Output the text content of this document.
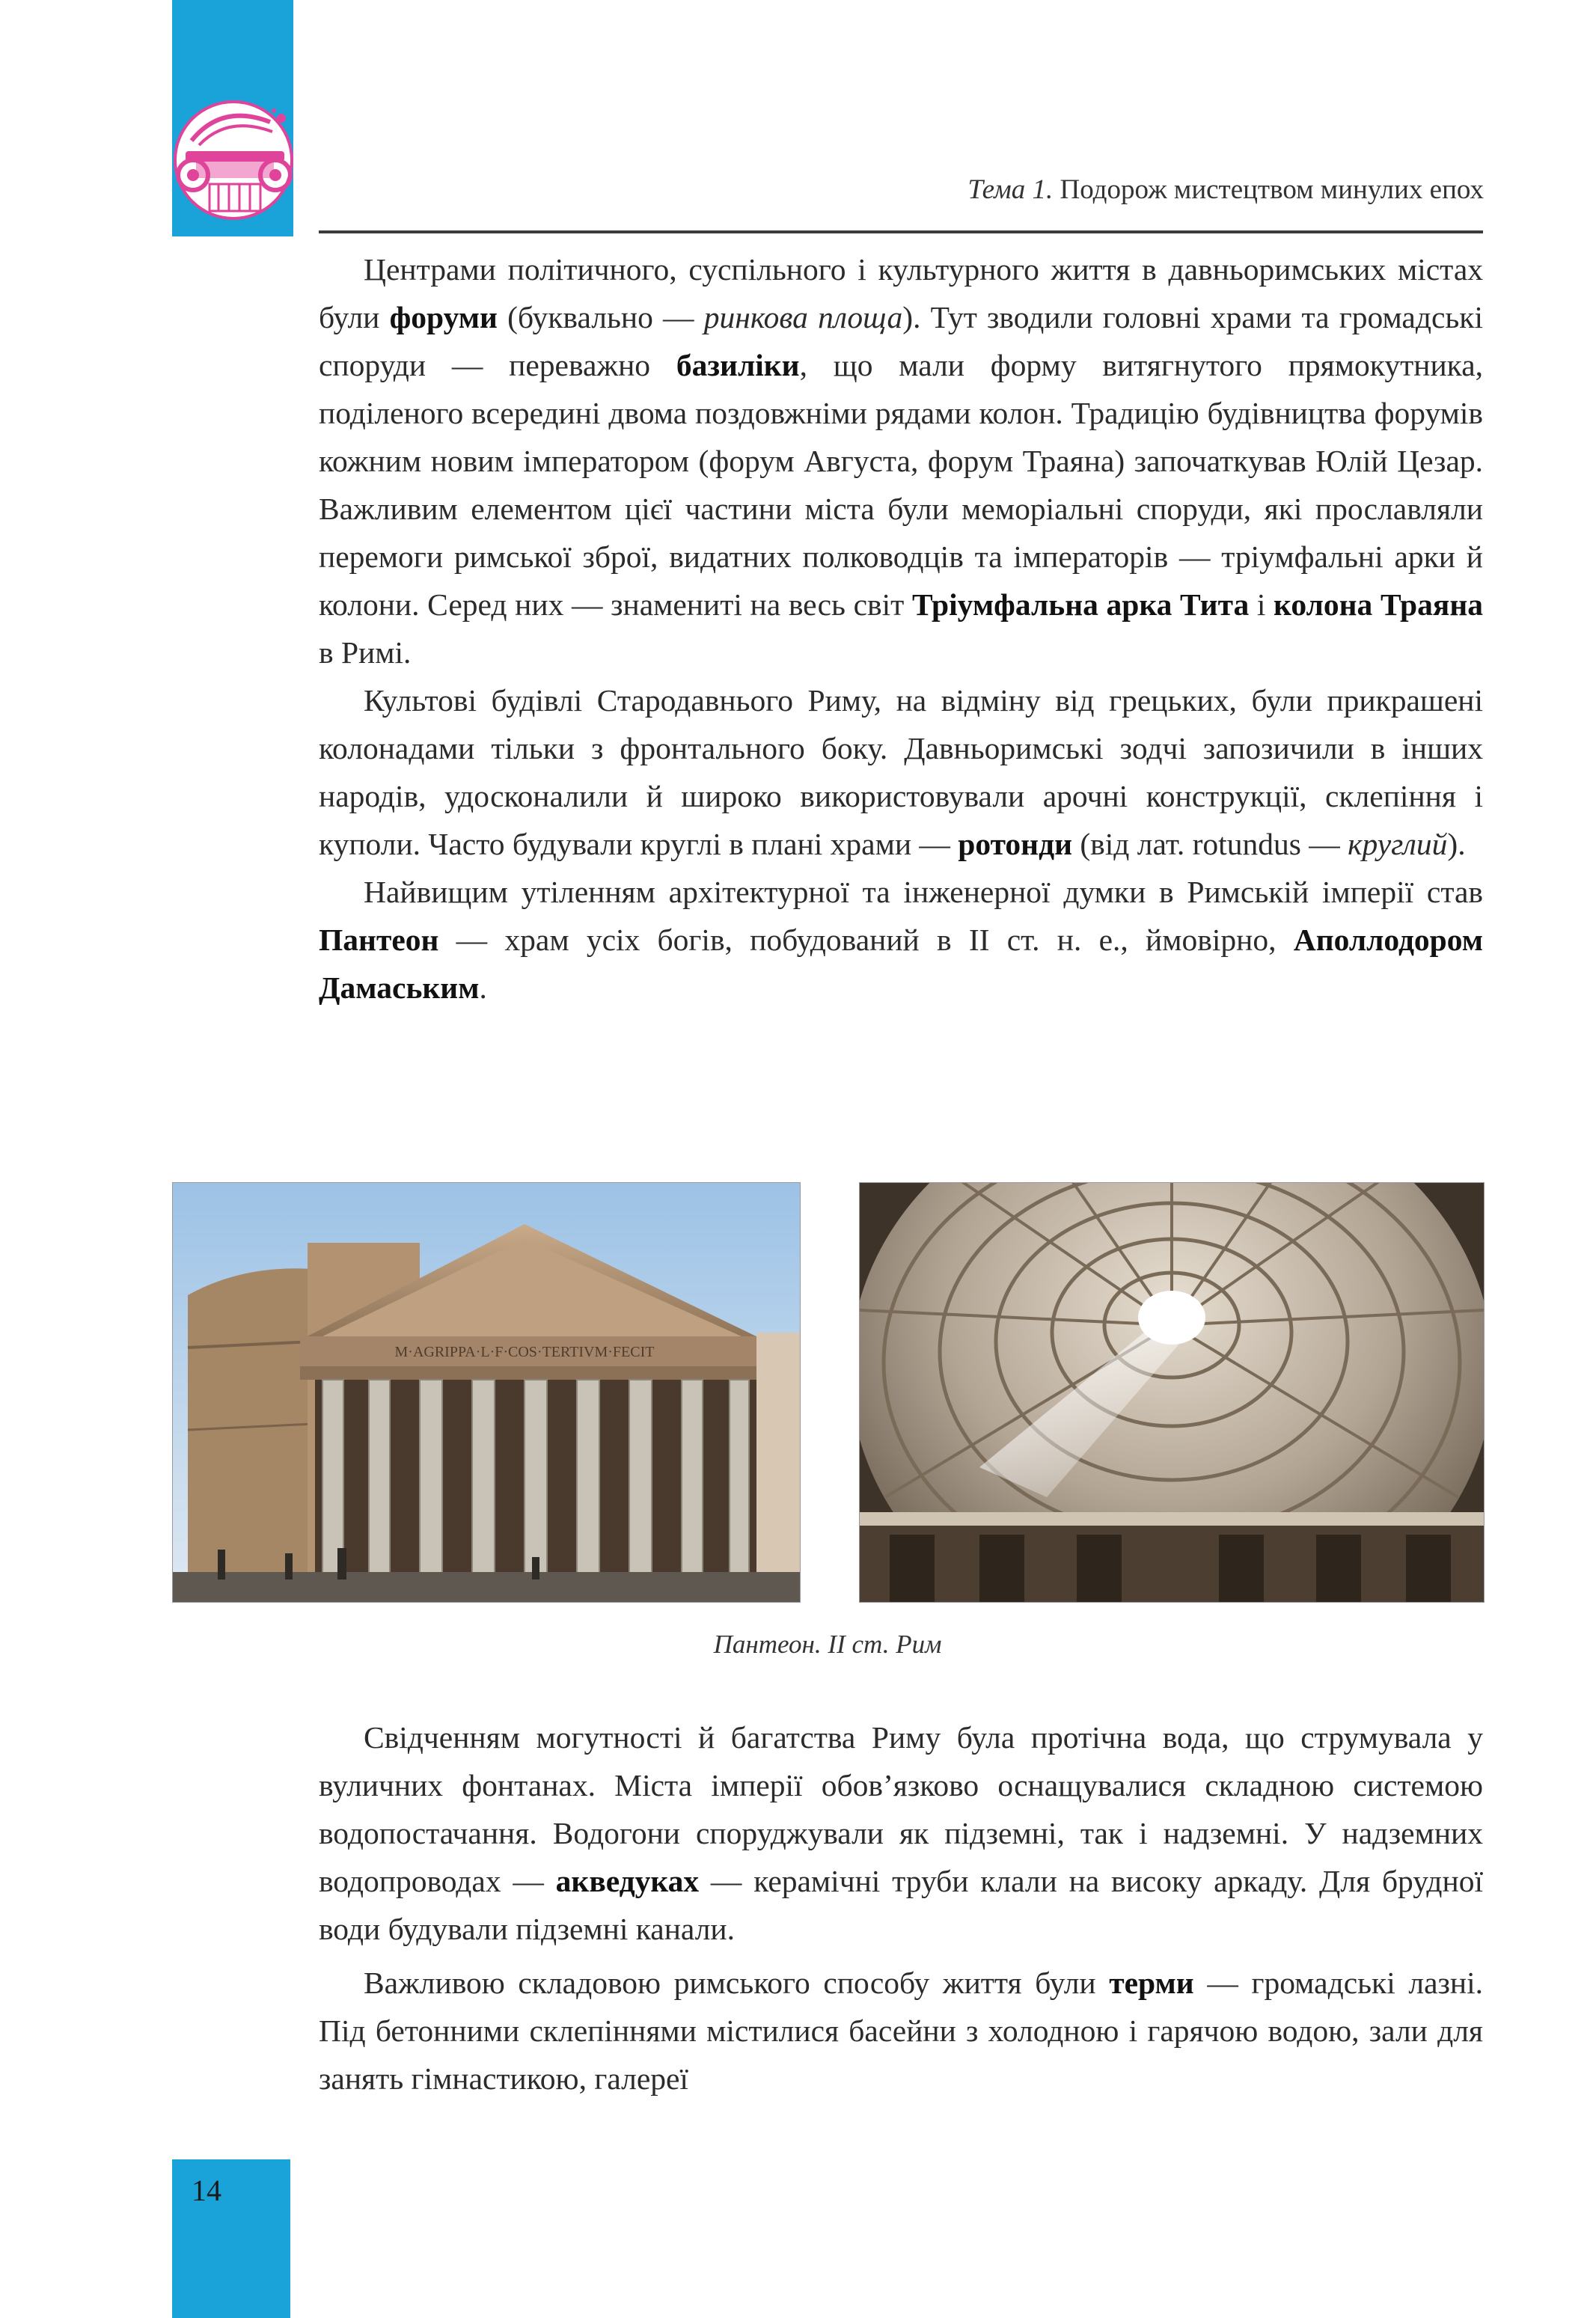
Тема 1. Подорож мистецтвом минулих епох

Центрами політичного, суспільного і культурного життя в давньоримських містах були форуми (буквально — ринкова площа). Тут зводили головні храми та громадські споруди — переважно базиліки, що мали форму витягнутого прямокутника, поділеного всередині двома поздовжніми рядами колон. Традицію будівництва форумів кожним новим імператором (форум Августа, форум Траяна) започаткував Юлій Цезар. Важливим елементом цієї частини міста були меморіальні споруди, які прославляли перемоги римської зброї, видатних полководців та імператорів — тріумфальні арки й колони. Серед них — знамениті на весь світ Тріумфальна арка Тита і колона Траяна в Римі.

Культові будівлі Стародавнього Риму, на відміну від грецьких, були прикрашені колонадами тільки з фронтального боку. Давньоримські зодчі запозичили в інших народів, удосконалили й широко використовували арочні конструкції, склепіння і куполи. Часто будували круглі в плані храми — ротонди (від лат. rotundus — круглий).

Найвищим утіленням архітектурної та інженерної думки в Римській імперії став Пантеон — храм усіх богів, побудований в II ст. н. е., ймовірно, Аполлодором Дамаським.

M·AGRIPPA·L·F·COS·TERTIVM·FECIT
Пантеон. II ст. Рим

Свідченням могутності й багатства Риму була протічна вода, що струмувала у вуличних фонтанах. Міста імперії обов’язково оснащувалися складною системою водопостачання. Водогони споруджували як підземні, так і надземні. У надземних водопроводах — акведуках — керамічні труби клали на високу аркаду. Для брудної води будували підземні канали.

Важливою складовою римського способу життя були терми — громадські лазні. Під бетонними склепіннями містилися басейни з холодною і гарячою водою, зали для занять гімнастикою, галереї

14
